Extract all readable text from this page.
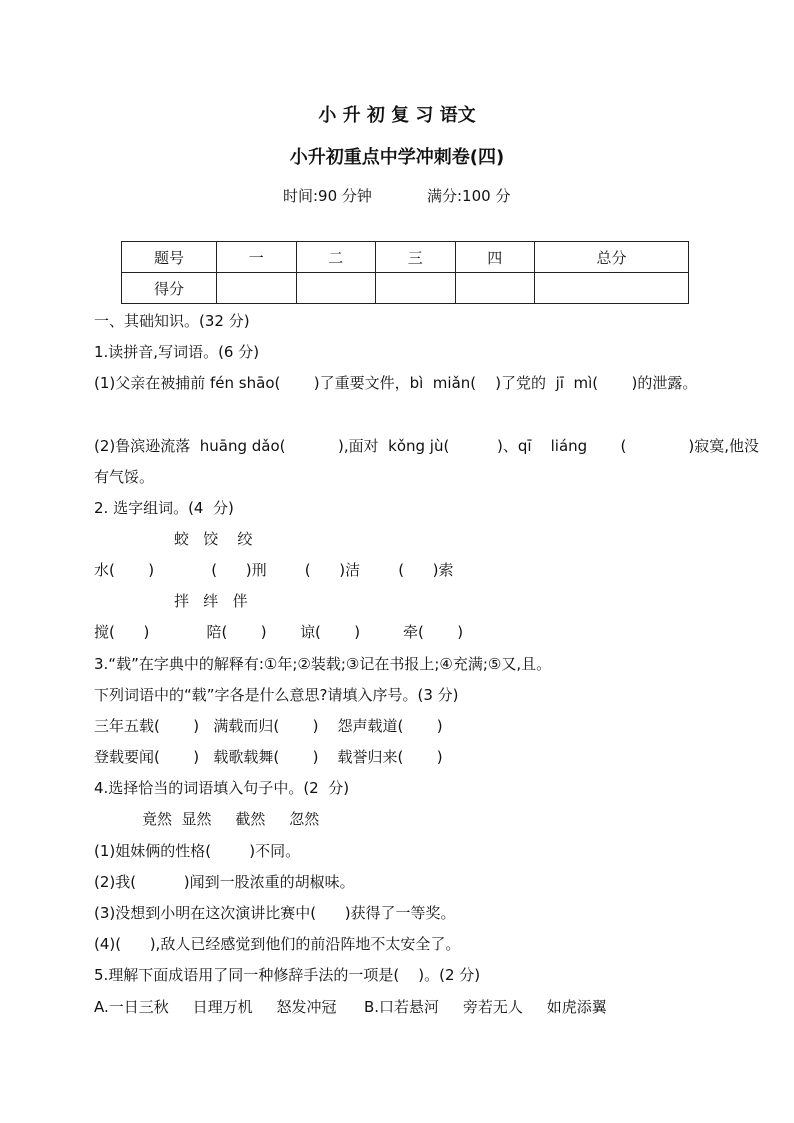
小 升 初 复 习 语文
小升初重点中学冲刺卷(四)
时间:90 分钟	满分:100 分
题号	一	二	三	四	总分
得分					
一、其础知识。(32 分)
1.读拼音,写词语。(6 分)
(1)父亲在被捕前 fén shāo(       )了重要文件，bì  miǎn(    )了党的  jī  mì(       )的泄露。
(2)鲁滨逊流落  huāng dǎo(           ),面对  kǒng jù(          )、qī    liáng       (             )寂寞,他没
有气馁。
2. 选字组词。(4  分)
蛟   饺    绞
水(       )            (      )刑        (      )洁        (      )索
拌   绊   伴
搅(      )            陪(       )       谅(       )         牵(       )
3.“载”在字典中的解释有:①年;②装载;③记在书报上;④充满;⑤又,且。
下列词语中的“载”字各是什么意思?请填入序号。(3 分)
三年五载(       )   满载而归(       )    怨声载道(       )
登载要闻(       )   载歌载舞(       )    载誉归来(       )
4.选择恰当的词语填入句子中。(2  分)
竟然  显然     截然     忽然
(1)姐妹俩的性格(        )不同。
(2)我(          )闻到一股浓重的胡椒味。
(3)没想到小明在这次演讲比赛中(      )获得了一等奖。
(4)(      ),敌人已经感觉到他们的前沿阵地不太安全了。
5.理解下面成语用了同一种修辞手法的一项是(    )。(2 分)
A.一日三秋     日理万机     怒发冲冠 B.口若悬河     旁若无人     如虎添翼
